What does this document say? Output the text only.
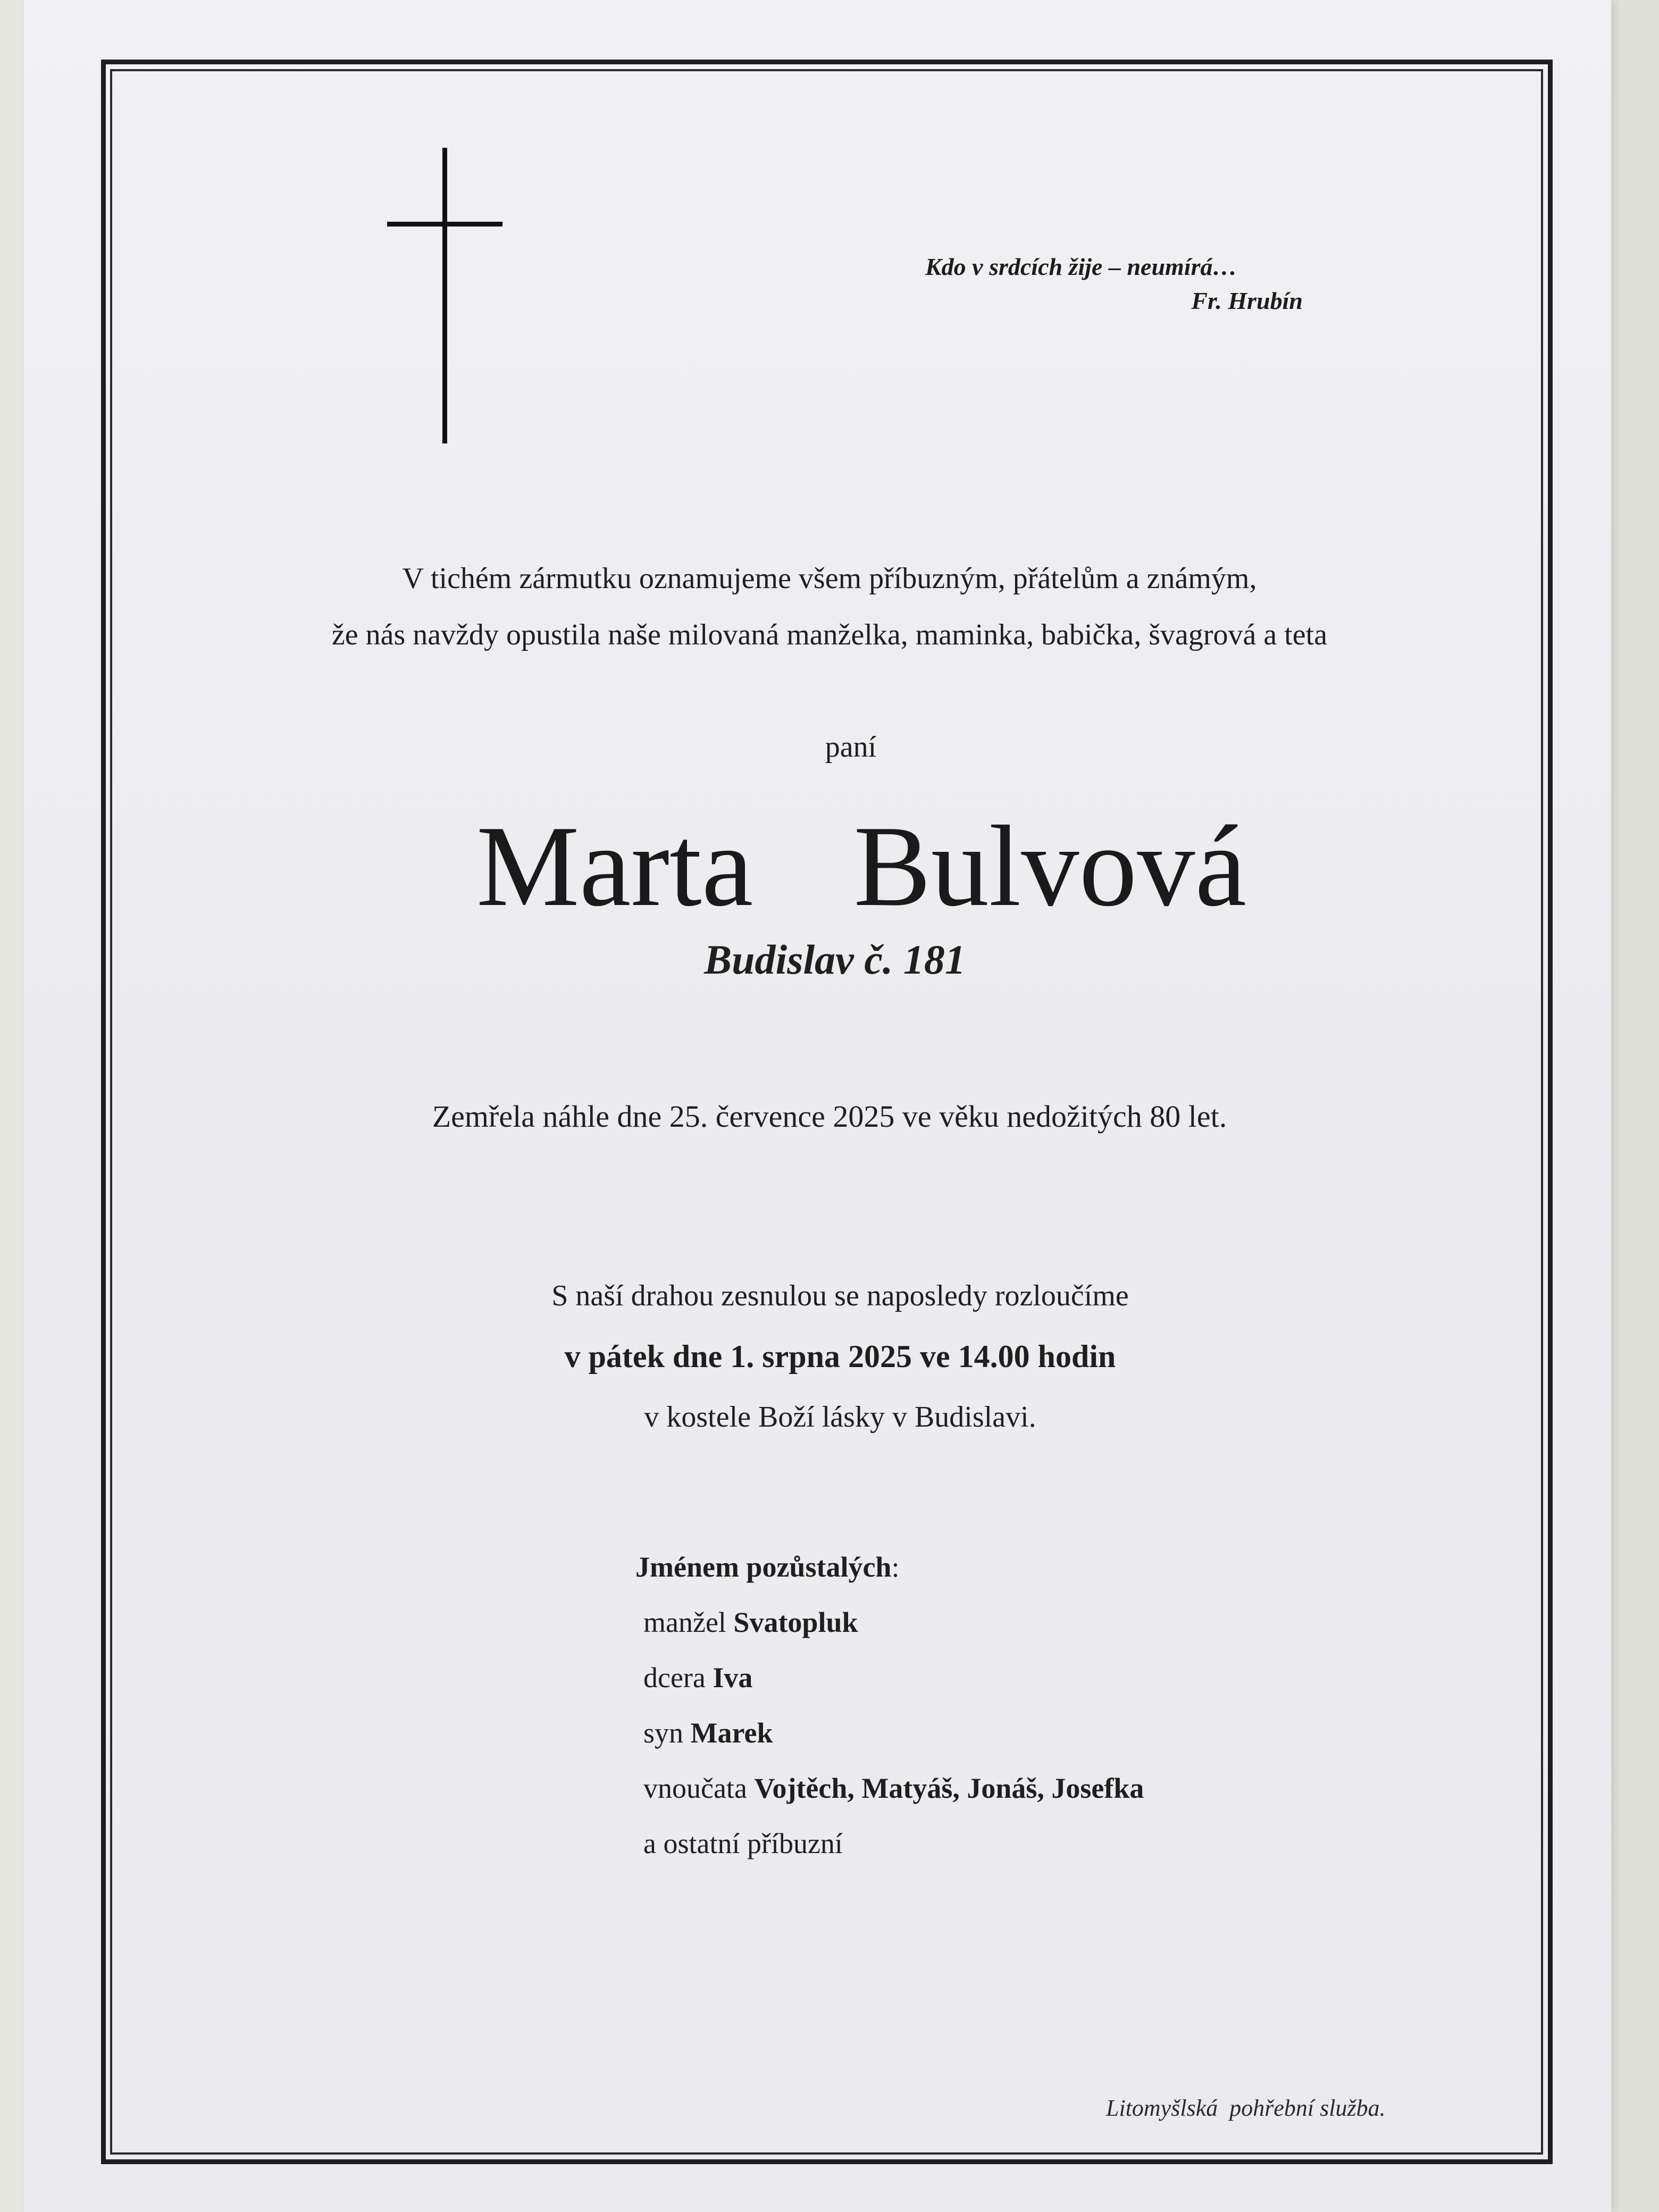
Kdo v srdcích žije – neumírá…
Fr. Hrubín
V tichém zármutku oznamujeme všem příbuzným, přátelům a známým,
že nás navždy opustila naše milovaná manželka, maminka, babička, švagrová a teta
paní
Marta  Bulvová
Budislav č. 181
Zemřela náhle dne 25. července 2025 ve věku nedožitých 80 let.
S naší drahou zesnulou se naposledy rozloučíme
v pátek dne 1. srpna 2025 ve 14.00 hodin
v kostele Boží lásky v Budislavi.
Jménem pozůstalých:
manžel Svatopluk
dcera Iva
syn Marek
vnoučata Vojtěch, Matyáš, Jonáš, Josefka
a ostatní příbuzní
Litomyšlská  pohřební služba.
